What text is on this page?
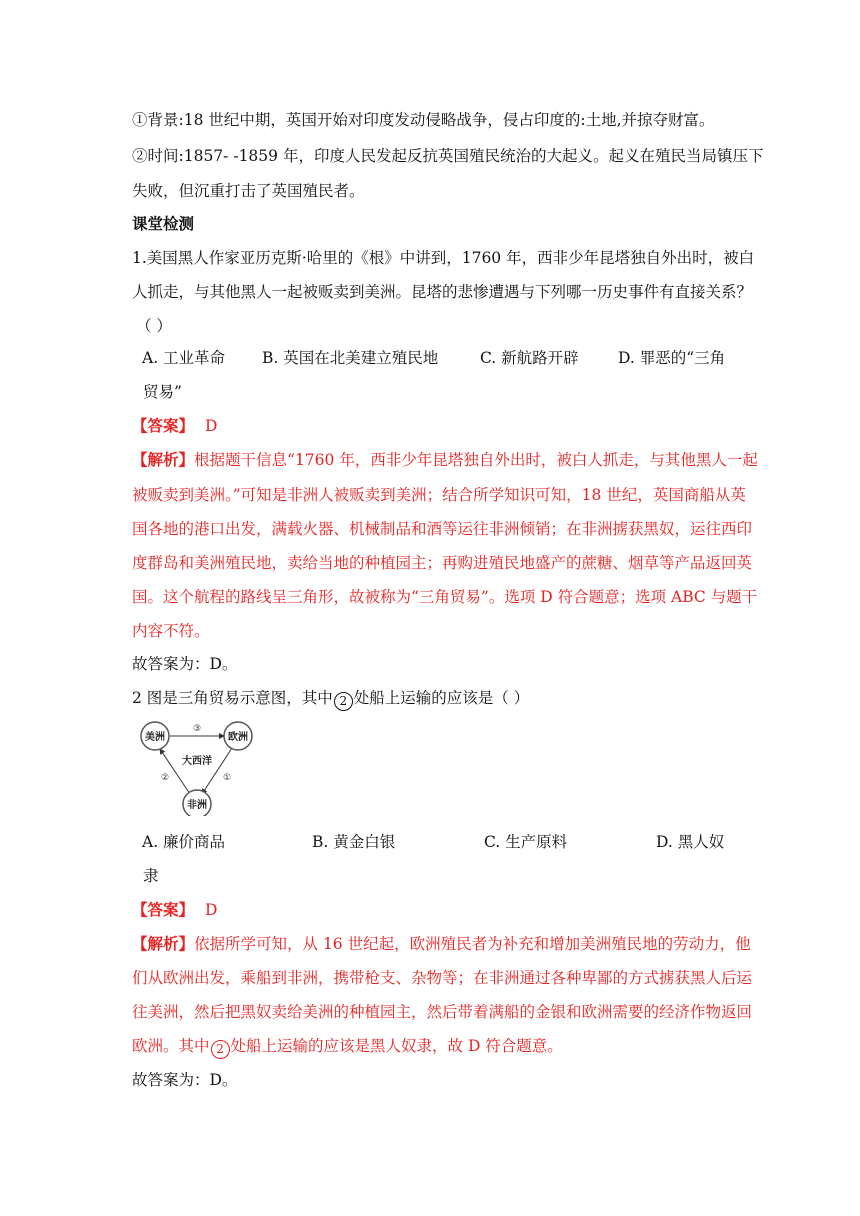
①背景:18 世纪中期，英国开始对印度发动侵略战争，侵占印度的:土地,并掠夺财富。
②时间:1857- -1859 年，印度人民发起反抗英国殖民统治的大起义。起义在殖民当局镇压下
失败，但沉重打击了英国殖民者。
课堂检测
1.美国黑人作家亚历克斯·哈里的《根》中讲到，1760 年，西非少年昆塔独自外出时，被白
人抓走，与其他黑人一起被贩卖到美洲。昆塔的悲惨遭遇与下列哪一历史事件有直接关系？
（ ）
A. 工业革命 B. 英国在北美建立殖民地	C. 新航路开辟	D. 罪恶的“三角
贸易”
【答案】 D
【解析】根据题干信息“1760 年，西非少年昆塔独自外出时，被白人抓走，与其他黑人一起
被贩卖到美洲。”可知是非洲人被贩卖到美洲；结合所学知识可知，18 世纪，英国商船从英
国各地的港口出发，满载火器、机械制品和酒等运往非洲倾销；在非洲掳获黑奴，运往西印
度群岛和美洲殖民地，卖给当地的种植园主；再购进殖民地盛产的蔗糖、烟草等产品返回英
国。这个航程的路线呈三角形，故被称为“三角贸易”。选项 D 符合题意；选项 ABC 与题干
内容不符。
故答案为：D。
2 图是三角贸易示意图，其中 2 处船上运输的应该是（ ）
美洲	欧洲
非洲
大西洋
③
①
②
A. 廉价商品	B. 黄金白银	C. 生产原料	D. 黑人奴
隶
【答案】 D
【解析】依据所学可知，从 16 世纪起，欧洲殖民者为补充和增加美洲殖民地的劳动力，他
们从欧洲出发，乘船到非洲，携带枪支、杂物等；在非洲通过各种卑鄙的方式掳获黑人后运
往美洲，然后把黑奴卖给美洲的种植园主，然后带着满船的金银和欧洲需要的经济作物返回
欧洲。其中 2 处船上运输的应该是黑人奴隶，故 D 符合题意。
故答案为：D。
